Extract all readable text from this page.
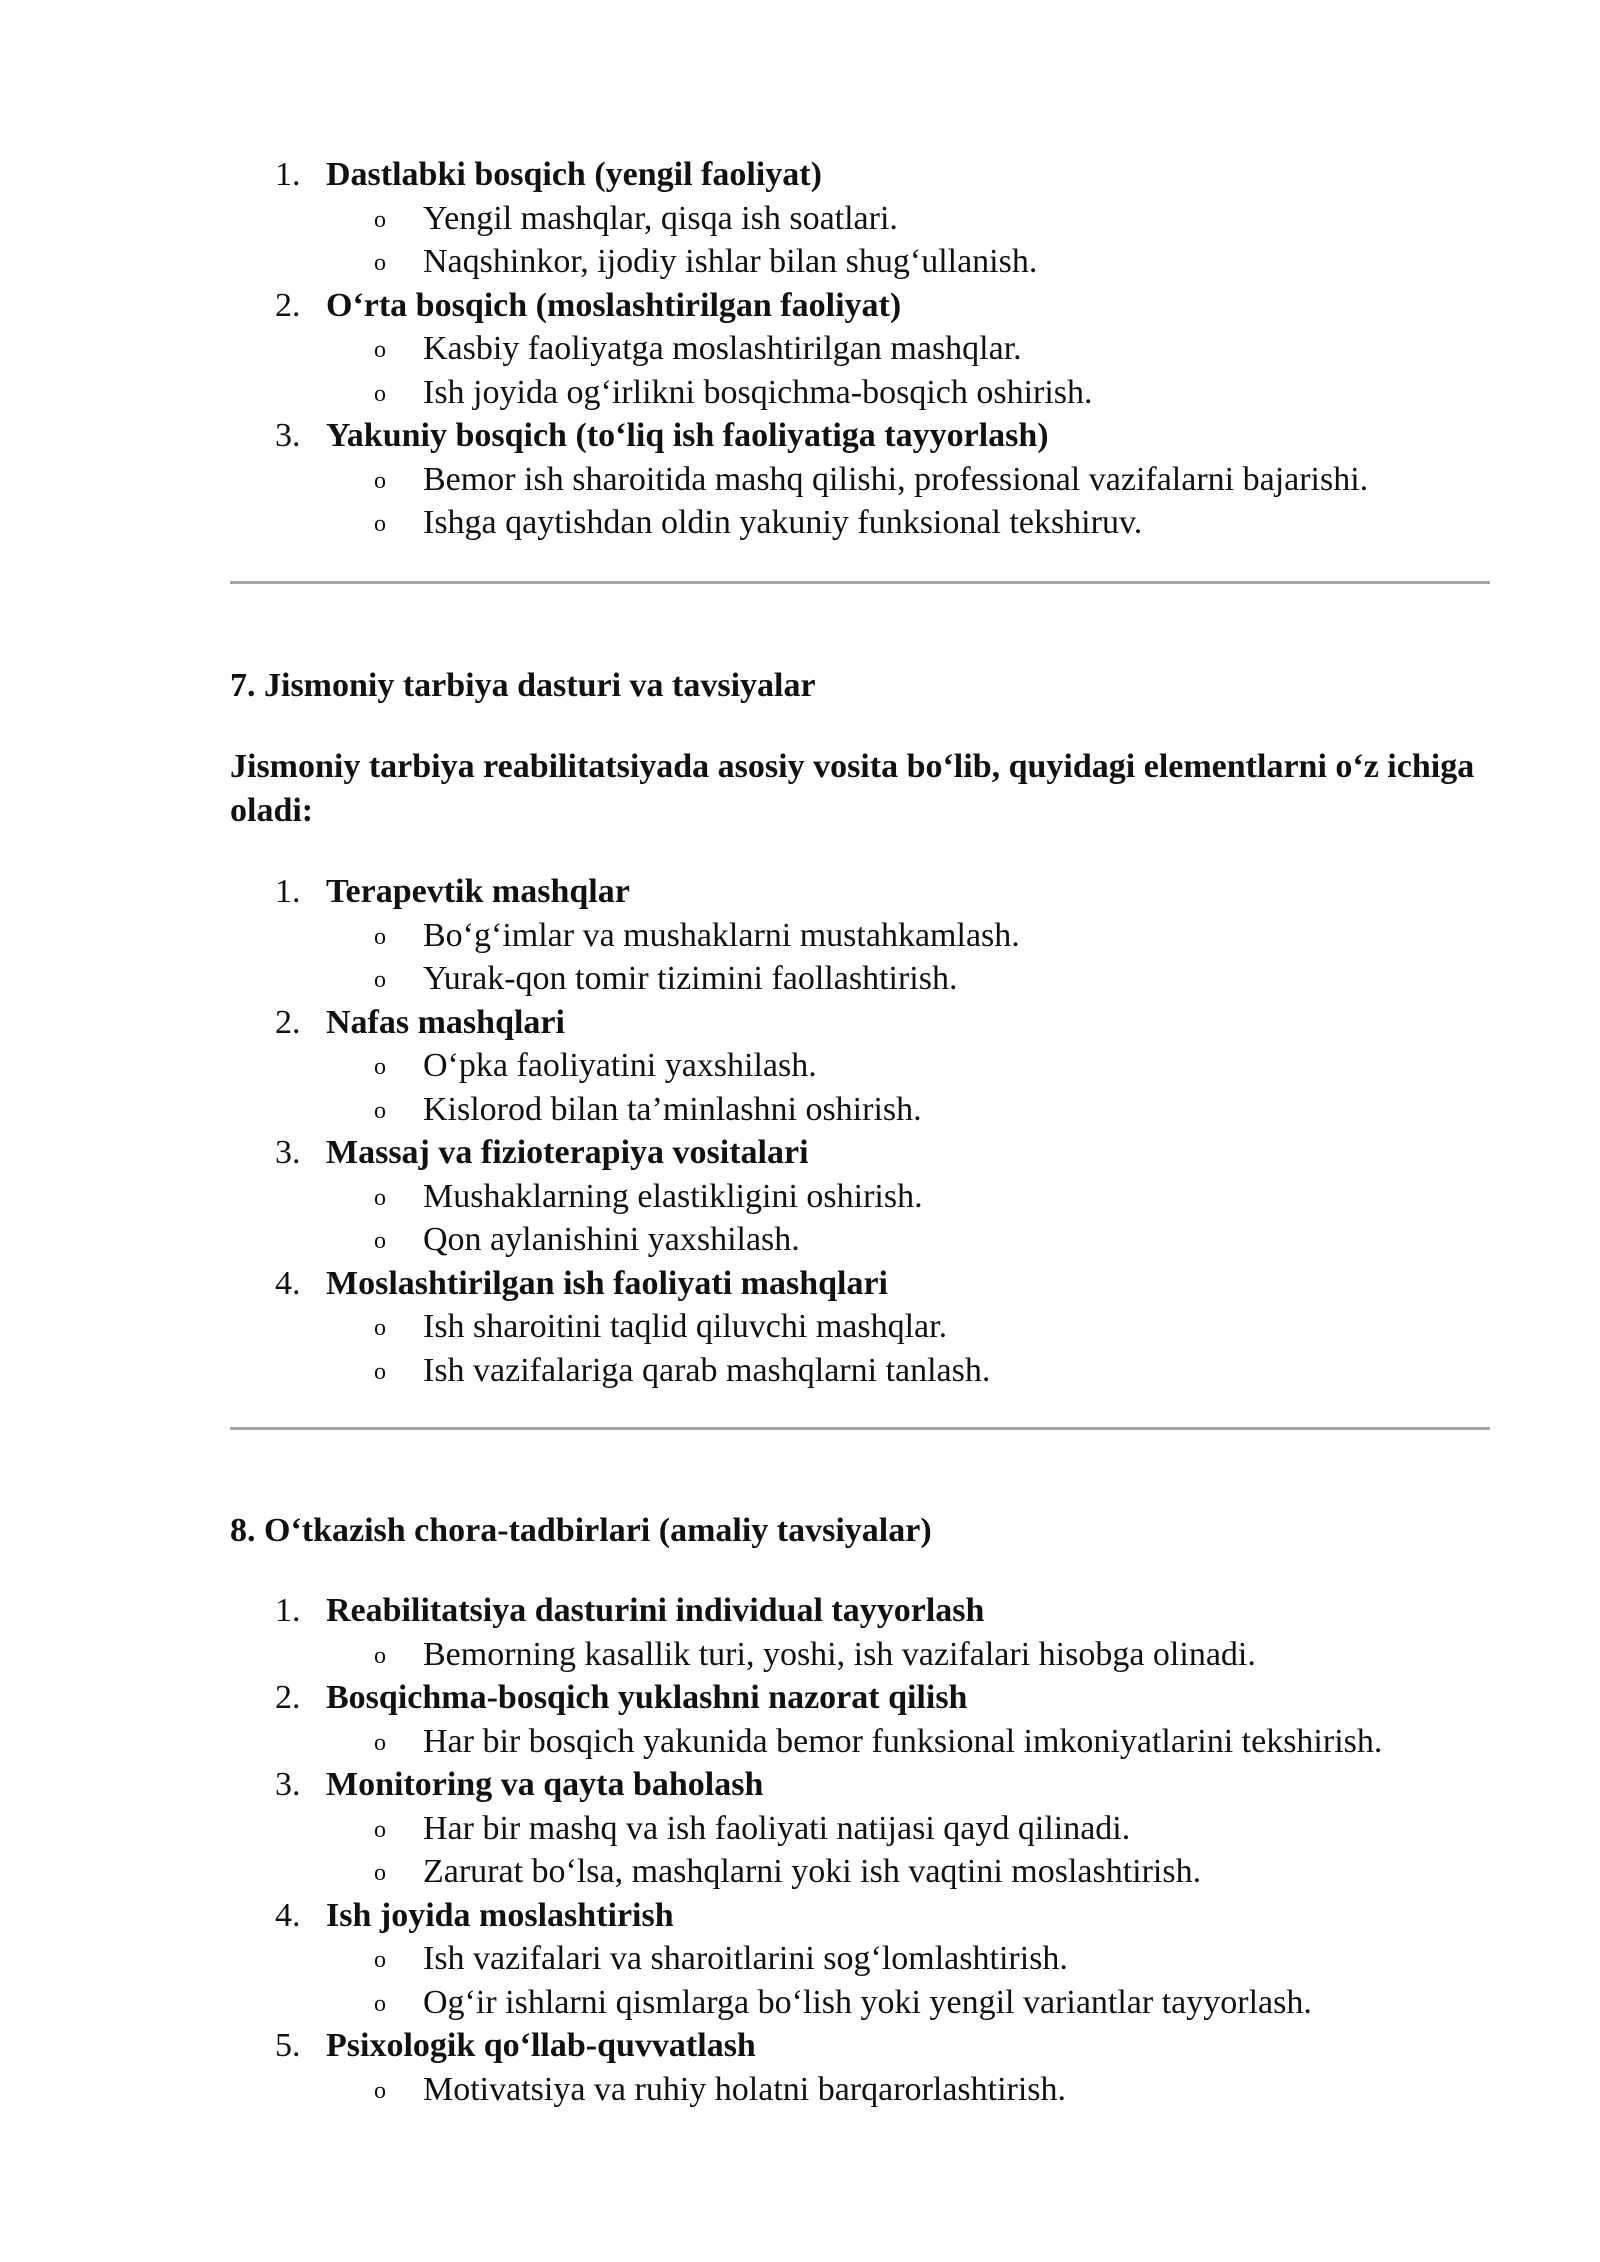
1. Dastlabki bosqich (yengil faoliyat)
o Yengil mashqlar, qisqa ish soatlari.
o Naqshinkor, ijodiy ishlar bilan shug‘ullanish.
2. O‘rta bosqich (moslashtirilgan faoliyat)
o Kasbiy faoliyatga moslashtirilgan mashqlar.
o Ish joyida og‘irlikni bosqichma-bosqich oshirish.
3. Yakuniy bosqich (to‘liq ish faoliyatiga tayyorlash)
o Bemor ish sharoitida mashq qilishi, professional vazifalarni bajarishi.
o Ishga qaytishdan oldin yakuniy funksional tekshiruv.
7. Jismoniy tarbiya dasturi va tavsiyalar
Jismoniy tarbiya reabilitatsiyada asosiy vosita bo‘lib, quyidagi elementlarni o‘z ichiga oladi:
1. Terapevtik mashqlar
o Bo‘g‘imlar va mushaklarni mustahkamlash.
o Yurak-qon tomir tizimini faollashtirish.
2. Nafas mashqlari
o O‘pka faoliyatini yaxshilash.
o Kislorod bilan ta’minlashni oshirish.
3. Massaj va fizioterapiya vositalari
o Mushaklarning elastikligini oshirish.
o Qon aylanishini yaxshilash.
4. Moslashtirilgan ish faoliyati mashqlari
o Ish sharoitini taqlid qiluvchi mashqlar.
o Ish vazifalariga qarab mashqlarni tanlash.
8. O‘tkazish chora-tadbirlari (amaliy tavsiyalar)
1. Reabilitatsiya dasturini individual tayyorlash
o Bemorning kasallik turi, yoshi, ish vazifalari hisobga olinadi.
2. Bosqichma-bosqich yuklashni nazorat qilish
o Har bir bosqich yakunida bemor funksional imkoniyatlarini tekshirish.
3. Monitoring va qayta baholash
o Har bir mashq va ish faoliyati natijasi qayd qilinadi.
o Zarurat bo‘lsa, mashqlarni yoki ish vaqtini moslashtirish.
4. Ish joyida moslashtirish
o Ish vazifalari va sharoitlarini sog‘lomlashtirish.
o Og‘ir ishlarni qismlarga bo‘lish yoki yengil variantlar tayyorlash.
5. Psixologik qo‘llab-quvvatlash
o Motivatsiya va ruhiy holatni barqarorlashtirish.
